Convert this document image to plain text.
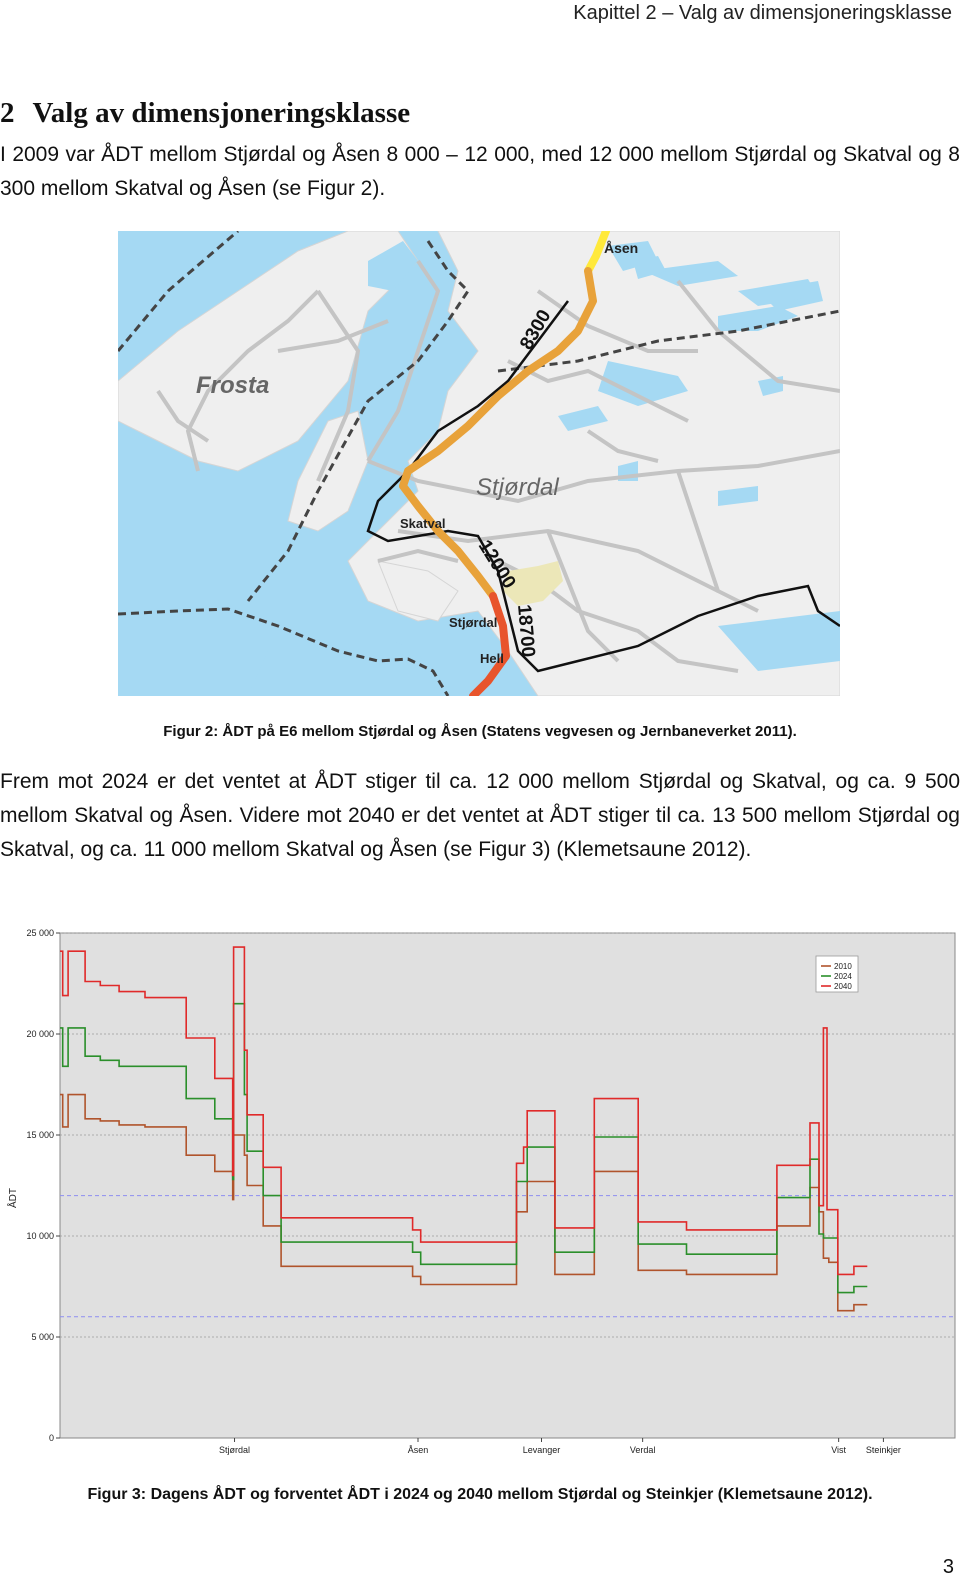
Kapittel 2 – Valg av dimensjoneringsklasse
2 Valg av dimensjoneringsklasse

I 2009 var ÅDT mellom Stjørdal og Åsen 8 000 – 12 000, med 12 000 mellom Stjørdal og Skatval og 8 300 mellom Skatval og Åsen (se Figur 2).

Åsen
Frosta
Stjørdal
Skatval
Stjørdal
Hell
8300
12000
18700
Figur 2: ÅDT på E6 mellom Stjørdal og Åsen (Statens vegvesen og Jernbaneverket 2011).

Frem mot 2024 er det ventet at ÅDT stiger til ca. 12 000 mellom Stjørdal og Skatval, og ca. 9 500 mellom Skatval og Åsen. Videre mot 2040 er det ventet at ÅDT stiger til ca. 13 500 mellom Stjørdal og Skatval, og ca. 11 000 mellom Skatval og Åsen (se Figur 3) (Klemetsaune 2012).

0
5 000
10 000
15 000
20 000
25 000
Stjørdal	Åsen	Levanger	Verdal	Vist Steinkjer
ÅDT
2010
2024
2040
Figur 3: Dagens ÅDT og forventet ÅDT i 2024 og 2040 mellom Stjørdal og Steinkjer (Klemetsaune 2012).
3
